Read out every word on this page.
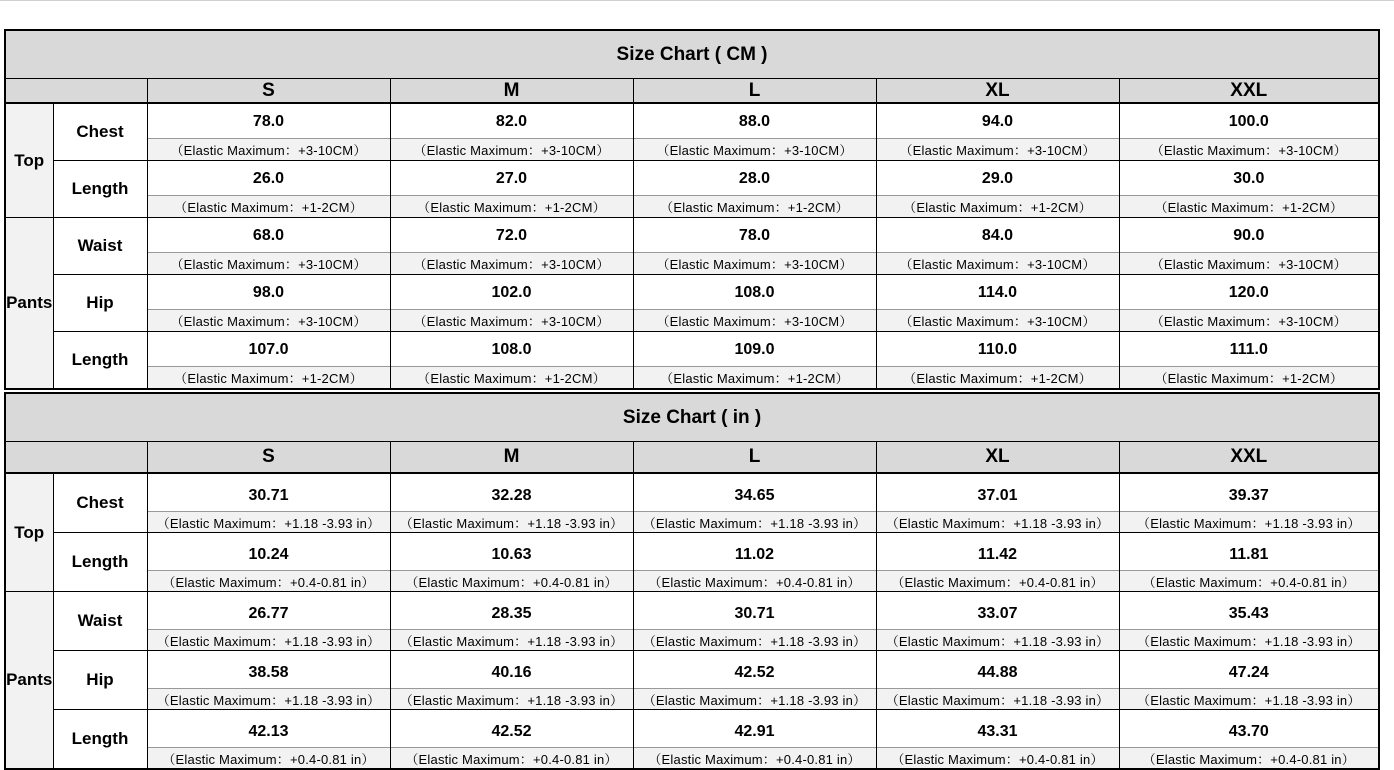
Size Chart ( CM )						
		S	M	L	XL	XXL
Top	Chest	78.0	82.0	88.0	94.0	100.0
		（Elastic Maximum：+3-10CM）	（Elastic Maximum：+3-10CM）	（Elastic Maximum：+3-10CM）	（Elastic Maximum：+3-10CM）	（Elastic Maximum：+3-10CM）
	Length	26.0	27.0	28.0	29.0	30.0
		（Elastic Maximum：+1-2CM）	（Elastic Maximum：+1-2CM）	（Elastic Maximum：+1-2CM）	（Elastic Maximum：+1-2CM）	（Elastic Maximum：+1-2CM）
Pants	Waist	68.0	72.0	78.0	84.0	90.0
		（Elastic Maximum：+3-10CM）	（Elastic Maximum：+3-10CM）	（Elastic Maximum：+3-10CM）	（Elastic Maximum：+3-10CM）	（Elastic Maximum：+3-10CM）
	Hip	98.0	102.0	108.0	114.0	120.0
		（Elastic Maximum：+3-10CM）	（Elastic Maximum：+3-10CM）	（Elastic Maximum：+3-10CM）	（Elastic Maximum：+3-10CM）	（Elastic Maximum：+3-10CM）
	Length	107.0	108.0	109.0	110.0	111.0
		（Elastic Maximum：+1-2CM）	（Elastic Maximum：+1-2CM）	（Elastic Maximum：+1-2CM）	（Elastic Maximum：+1-2CM）	（Elastic Maximum：+1-2CM）
Size Chart ( in )						
		S	M	L	XL	XXL
Top	Chest	30.71	32.28	34.65	37.01	39.37
		（Elastic Maximum：+1.18 -3.93 in）	（Elastic Maximum：+1.18 -3.93 in）	（Elastic Maximum：+1.18 -3.93 in）	（Elastic Maximum：+1.18 -3.93 in）	（Elastic Maximum：+1.18 -3.93 in）
	Length	10.24	10.63	11.02	11.42	11.81
		（Elastic Maximum：+0.4-0.81 in）	（Elastic Maximum：+0.4-0.81 in）	（Elastic Maximum：+0.4-0.81 in）	（Elastic Maximum：+0.4-0.81 in）	（Elastic Maximum：+0.4-0.81 in）
Pants	Waist	26.77	28.35	30.71	33.07	35.43
		（Elastic Maximum：+1.18 -3.93 in）	（Elastic Maximum：+1.18 -3.93 in）	（Elastic Maximum：+1.18 -3.93 in）	（Elastic Maximum：+1.18 -3.93 in）	（Elastic Maximum：+1.18 -3.93 in）
	Hip	38.58	40.16	42.52	44.88	47.24
		（Elastic Maximum：+1.18 -3.93 in）	（Elastic Maximum：+1.18 -3.93 in）	（Elastic Maximum：+1.18 -3.93 in）	（Elastic Maximum：+1.18 -3.93 in）	（Elastic Maximum：+1.18 -3.93 in）
	Length	42.13	42.52	42.91	43.31	43.70
		（Elastic Maximum：+0.4-0.81 in）	（Elastic Maximum：+0.4-0.81 in）	（Elastic Maximum：+0.4-0.81 in）	（Elastic Maximum：+0.4-0.81 in）	（Elastic Maximum：+0.4-0.81 in）
